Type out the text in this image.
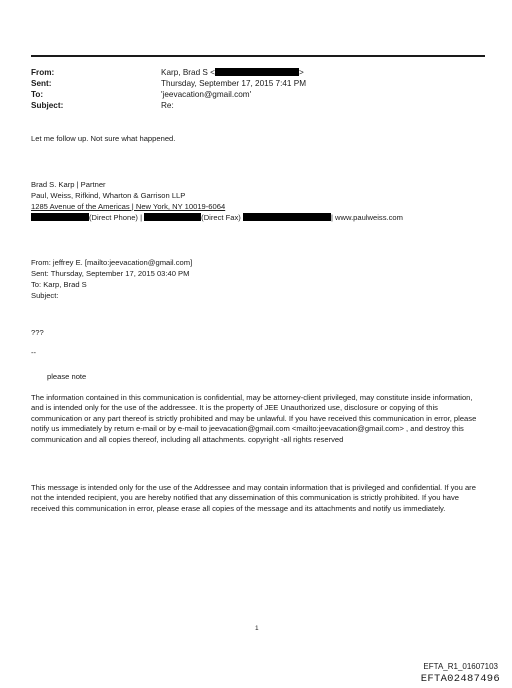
From:	Karp, Brad S <	>
Sent:	Thursday, September 17, 2015 7:41 PM
To:	'jeevacation@gmail.com'
Subject:	Re:
Let me follow up. Not sure what happened.
Brad S. Karp | Partner
Paul, Weiss, Rifkind, Wharton & Garrison LLP
1285 Avenue of the Americas | New York, NY 10019-6064
(Direct Phone) |	(Direct Fax)	| www.paulweiss.com
From: jeffrey E. [mailto:jeevacation@gmail.com]
Sent: Thursday, September 17, 2015 03:40 PM
To: Karp, Brad S
Subject:
???
--
please note
The information contained in this communication is confidential, may be attorney-client privileged, may constitute inside information, and is intended only for the use of the addressee. It is the property of JEE Unauthorized use, disclosure or copying of this communication or any part thereof is strictly prohibited and may be unlawful. If you have received this communication in error, please notify us immediately by return e-mail or by e-mail to jeevacation@gmail.com <mailto:jeevacation@gmail.com> , and destroy this communication and all copies thereof, including all attachments. copyright -all rights reserved
This message is intended only for the use of the Addressee and may contain information that is privileged and confidential. If you are not the intended recipient, you are hereby notified that any dissemination of this communication is strictly prohibited. If you have received this communication in error, please erase all copies of the message and its attachments and notify us immediately.
1
EFTA_R1_01607103
EFTA02487496
